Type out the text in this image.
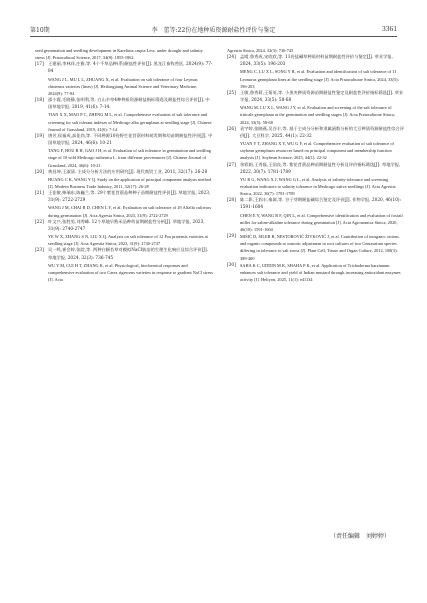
第10期	李　蕾等:22份在地种质资源耐盐性评价与鉴定	3361
seed germination and seedling development in Karelinia caspia Less. under drought and salinity stress [J]. Pratacultural Science, 2017, 34(9): 1855-1862
[17] 王建丽,李林祥,庄雅,等. 4个千草品种(系)耐盐性评价[J]. 黑龙江畜牧兽医, 2024(9): 77-84
WANG J L, MU L L, ZHUANG X, et al. Evaluation on salt tolerance of four Leymus chinensis varieties (lines) [J]. Heilongjiang Animal Science and Veterinary Medicine, 2024(9): 77-84
[18] 邵小霞,毛晓静,张明利,等. 白山羊草4种种质资源耐盐指标筛选及耐盐性综合评价[J]. 中国草地学报, 2019, 41(6): 7-14.
TIAN X X, MAO P C, ZHENG M L, et al. Comprehensive evaluation of salt tolerance and screening for salt tolerant indexes of Medicago albo germplasm at seedling stage [J]. Chinese Journal of Grassland, 2019, 41(6): 7-14
[19] 唐芳,侯福成,高佳尚,等. 不同种源10份野生花苜蓿材料萌发期和幼苗期耐盐性评价[J]. 中国草地学报, 2024, 46(6): 10-21
TANG F, HOU R H, GAO J H, et al. Evaluation of salt tolerance in germination and seedling stage of 10 wild Medicago ruthenica L. from different provenances [J]. Chinese Journal of Grassland, 2024, 46(6): 10-21
[20] 黄昌坤,王淑清. 主成分分析方法的应用研究[J]. 现代商贸工业, 2011, 32(17): 26-28
HUANG C K, WANG Y Q. Study on the application of principal component analysis method [J]. Modern Business Trade Industry, 2011, 32(17): 26-28
[21] 王佳敏,柴瑞东,陈巍兰,等. 29个紫花苜蓿品种种子苗期耐盐性评价[J]. 草地学报, 2023, 31(9): 2722-2729
WANG J M, CHAI R D, CHEN L Y, et al. Evaluation on salt tolerance of 29 Alfalfa cultivars during germination [J]. Acta Agresia Sinica, 2023, 31(9): 2722-2729
[22] 叶文兴,张胜男,刘秀峰. 12个草地早熟禾品种幼苗期耐盐性分析[J]. 草地学报, 2023, 31(9): 2740-2747
YE W X, ZHANG S N, LIU X Q. Analysis on salt tolerance of 12 Poa pratensis varieties at seedling stage [J]. Acta Agrestia Sinica, 2023, 31(9): 2740-2747
[23] 吴一鸣,崔会婷,张院,等. 两种白颖苔草对模拟NaCl胁迫的生理生化响应及综合评价[J]. 草地学报, 2024, 32(3): 736-745
WU Y M, CUI H T, ZHANG K, et al. Physiological, biochemical responses and comprehensive evaluation of two Carex rigescens varieties in response to gradient NaCl stress [J]. Acta
Agrestia Sinica, 2024, 32(3): 736-745
[24] 孟晴,鲁秀成,宋欣欣,等. 11份盐碱草种质材料苗期耐盐性评价与鉴定[J]. 草业学报, 2024, 33(5): 196-203
MENG C, LU X L, SONG Y R, et al. Evaluation and identification of salt tolerance of 11 Leonurus germplasm lines at the seedling stage [J]. Acta Prataculturae Sinica, 2024, 33(5): 196-203
[25] 王敏,鲁秀莉,王菊英,等. 小黑麦种质资源苗期耐盐性鉴定及耐盐性评价指标筛选[J]. 草业学报, 2024, 33(5): 58-68
WANG M, LU X L, WANG J Y, et al. Evaluation and screening of the salt tolerance of triticale germplasm at the germination and seedling stages [J]. Acta Prataculturae Sinica, 2024, 33(5): 58-68
[26] 袁宇婷,张晓燕,吴谷丰,等. 基于主成分分析和隶属函数分析的大豆种质资源耐盐性综合评价[J]. 大豆科学, 2025, 44(1): 22-32
YUAN Y T, ZHANG X Y, WU G F, et al. Comprehensive evaluation of salt tolerance of soybean germplasm resources based on principal component and membership function analysis [J]. Soybean Science, 2025, 44(1): 22-32
[27] 余彩娟,王秀磊,王国良,等. 紫花苜蓿品种苗期耐盐性分析及评价指标筛选[J]. 草地学报, 2022, 30(7): 1781-1789
YU R G, WANG X J, WANG G L, et al. Analysis of salinity-tolerance and screening evaluation indicators to salinity tolerance in Medicago sativa seedlings [J]. Acta Agrestia Sinica, 2022, 30(7): 1781-1789
[28] 陈二影,王润丰,秦嶺,等. 谷子芽期耐盐碱综合鉴定及评价[J]. 作物学报, 2020, 46(10): 1591-1604
CHEN E Y, WANG R F, QIN L, et al. Comprehensive identification and evaluation of foxtail millet for saline-alkaline tolerance during germination [J]. Acta Agronomica Sinica, 2020, 46(10): 1591-1604
[29] MIŠIĆ D, ŠILER B, NESTOROVIĆ ŽIVKOVIĆ J, et al. Contribution of inorganic cations and organic compounds to osmotic adjustment in root cultures of two Centaurium species differing in tolerance to salt stress [J]. Plant Cell, Tissue and Organ Culture, 2012, 108(3): 389-400
[30] SAHA K C, UDDIN M K, SHAHA P K, et al. Application of Trichoderma harzianum enhances salt tolerance and yield of Indian mustard through increasing antioxidant enzymes activity [J]. Heliyon, 2025, 11(1): e41134
（责任编辑　刘婷婷）
